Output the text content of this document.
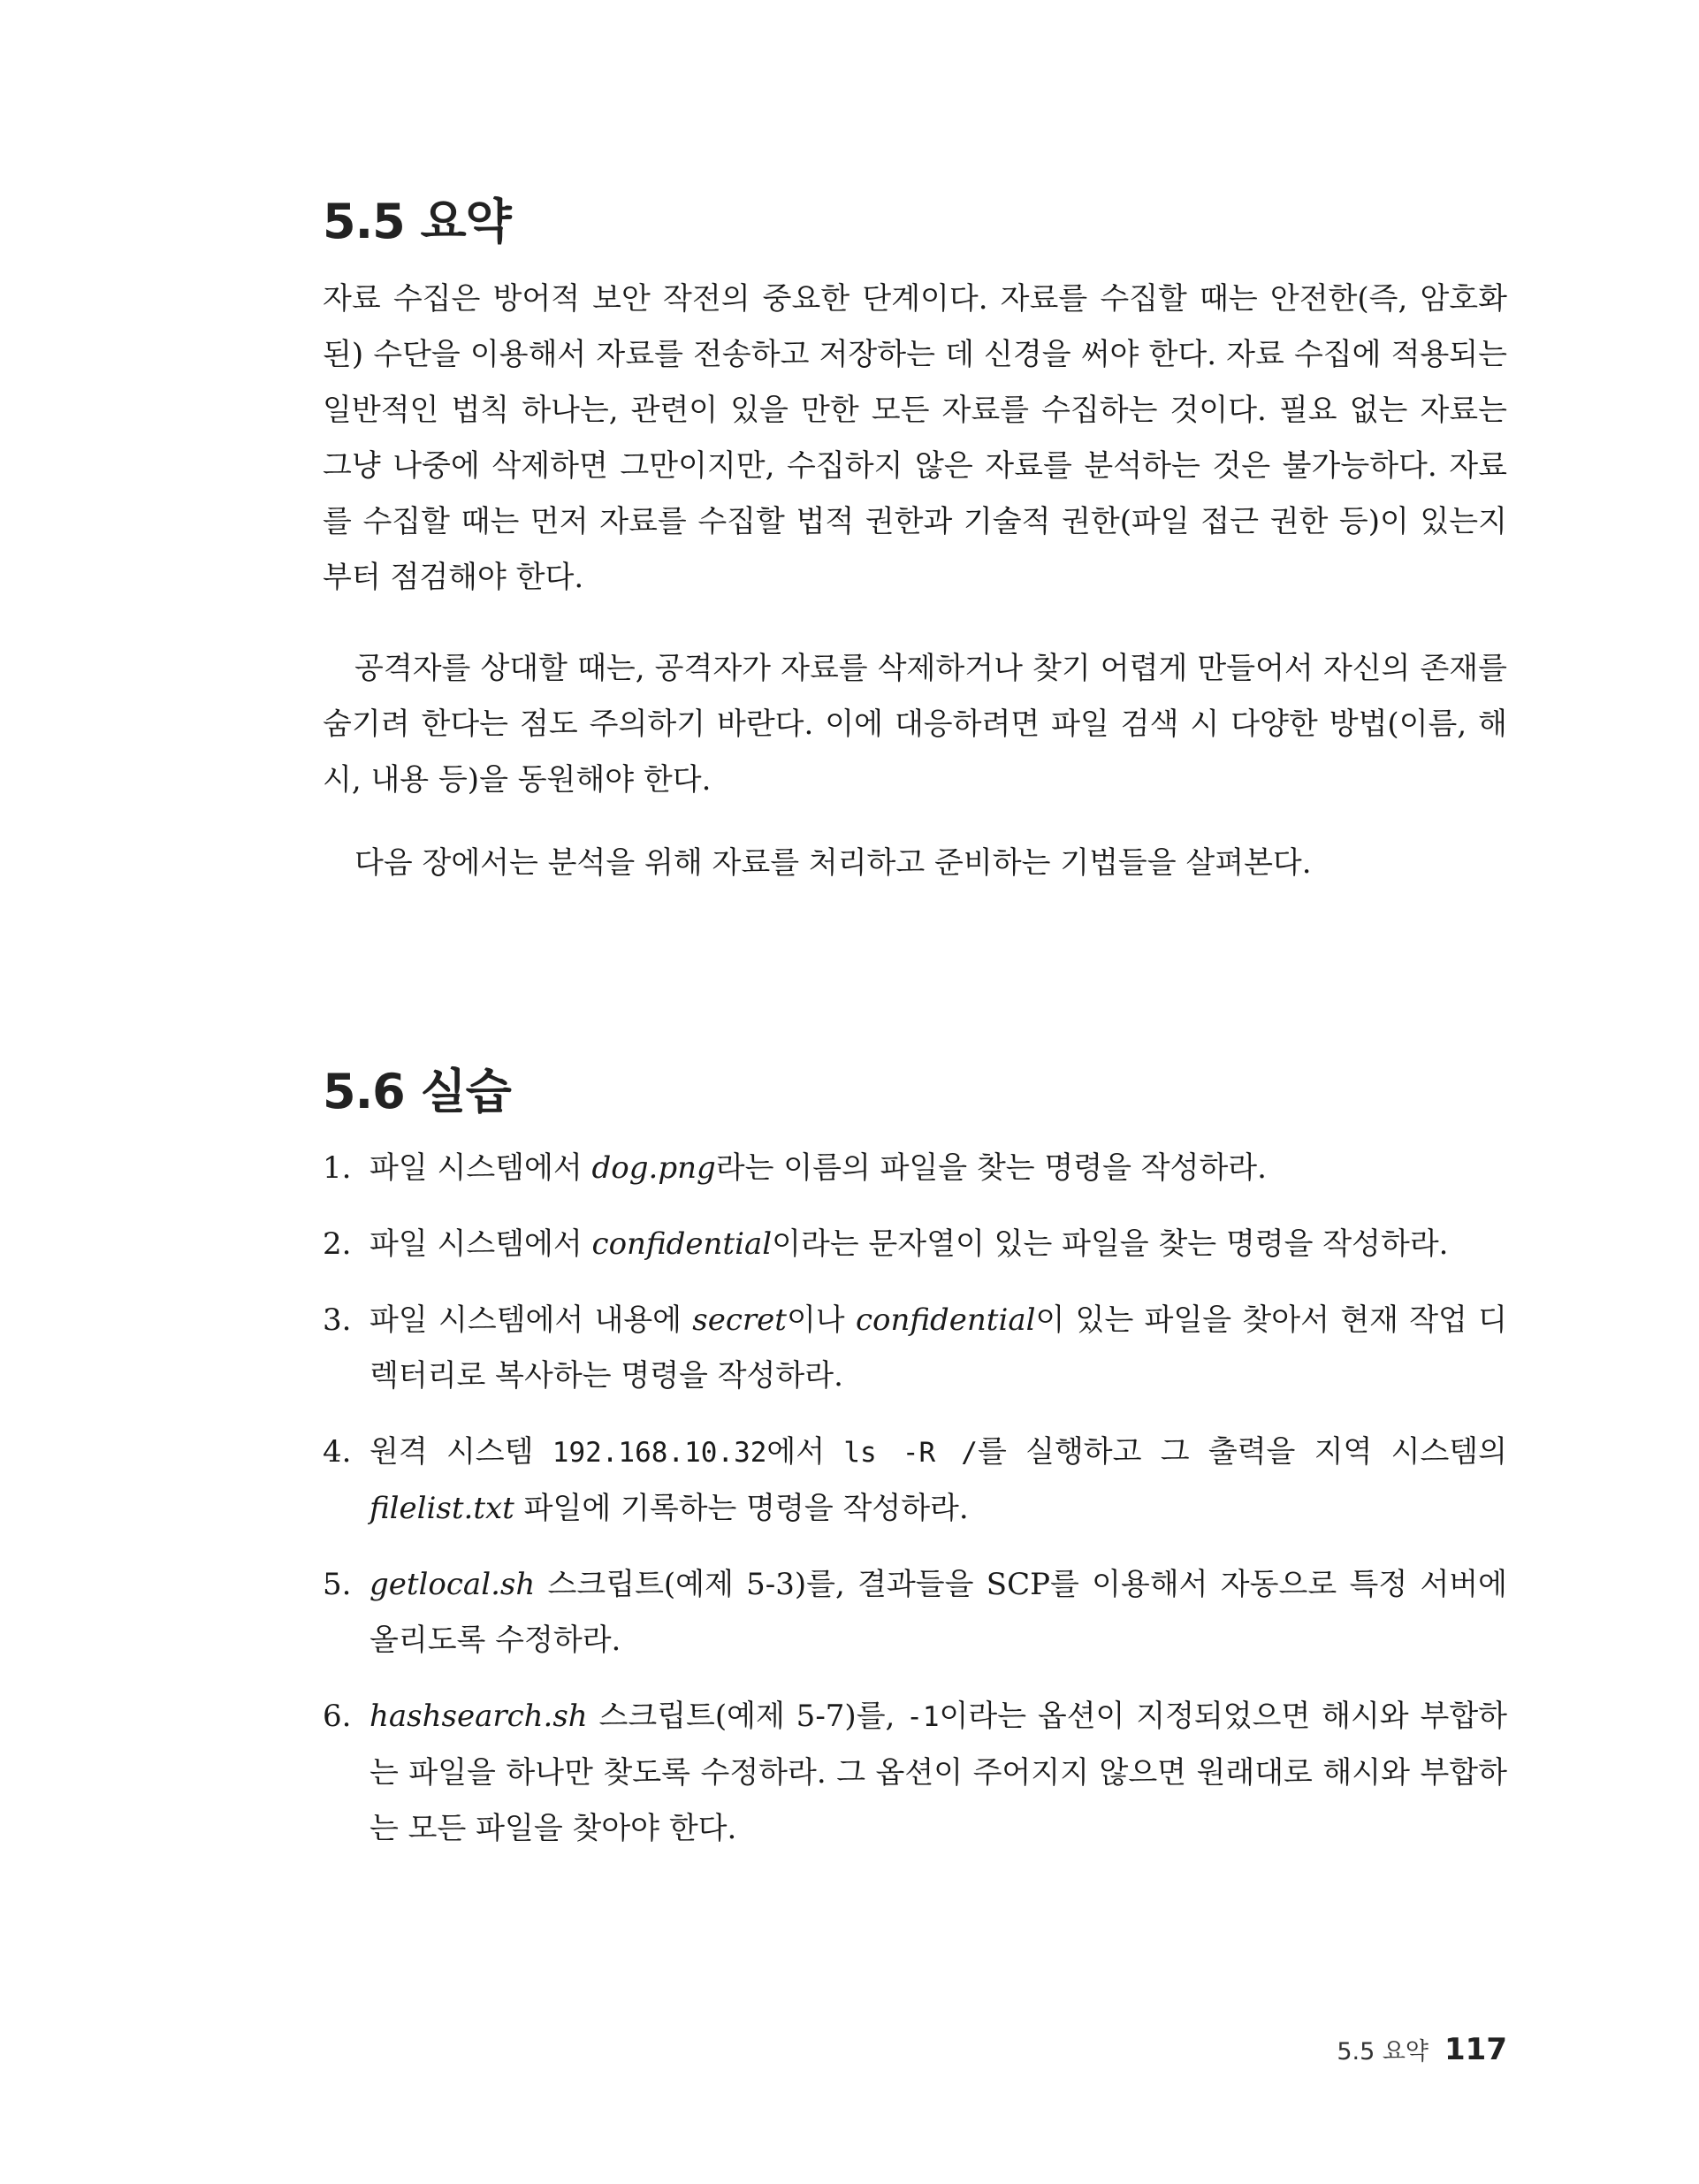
5.5 요약

자료 수집은 방어적 보안 작전의 중요한 단계이다. 자료를 수집할 때는 안전한(즉, 암호화된) 수단을 이용해서 자료를 전송하고 저장하는 데 신경을 써야 한다. 자료 수집에 적용되는 일반적인 법칙 하나는, 관련이 있을 만한 모든 자료를 수집하는 것이다. 필요 없는 자료는 그냥 나중에 삭제하면 그만이지만, 수집하지 않은 자료를 분석하는 것은 불가능하다. 자료를 수집할 때는 먼저 자료를 수집할 법적 권한과 기술적 권한(파일 접근 권한 등)이 있는지부터 점검해야 한다.

공격자를 상대할 때는, 공격자가 자료를 삭제하거나 찾기 어렵게 만들어서 자신의 존재를 숨기려 한다는 점도 주의하기 바란다. 이에 대응하려면 파일 검색 시 다양한 방법(이름, 해시, 내용 등)을 동원해야 한다.

다음 장에서는 분석을 위해 자료를 처리하고 준비하는 기법들을 살펴본다.

5.6 실습
1. 파일 시스템에서 dog.png라는 이름의 파일을 찾는 명령을 작성하라.
2. 파일 시스템에서 confidential이라는 문자열이 있는 파일을 찾는 명령을 작성하라.
3. 파일 시스템에서 내용에 secret이나 confidential이 있는 파일을 찾아서 현재 작업 디렉터리로 복사하는 명령을 작성하라.
4. 원격 시스템 192.168.10.32에서 ls -R /를 실행하고 그 출력을 지역 시스템의 filelist.txt 파일에 기록하는 명령을 작성하라.
5. getlocal.sh 스크립트(예제 5-3)를, 결과들을 SCP를 이용해서 자동으로 특정 서버에 올리도록 수정하라.
6. hashsearch.sh 스크립트(예제 5-7)를, -1이라는 옵션이 지정되었으면 해시와 부합하는 파일을 하나만 찾도록 수정하라. 그 옵션이 주어지지 않으면 원래대로 해시와 부합하는 모든 파일을 찾아야 한다.
5.5 요약 117
